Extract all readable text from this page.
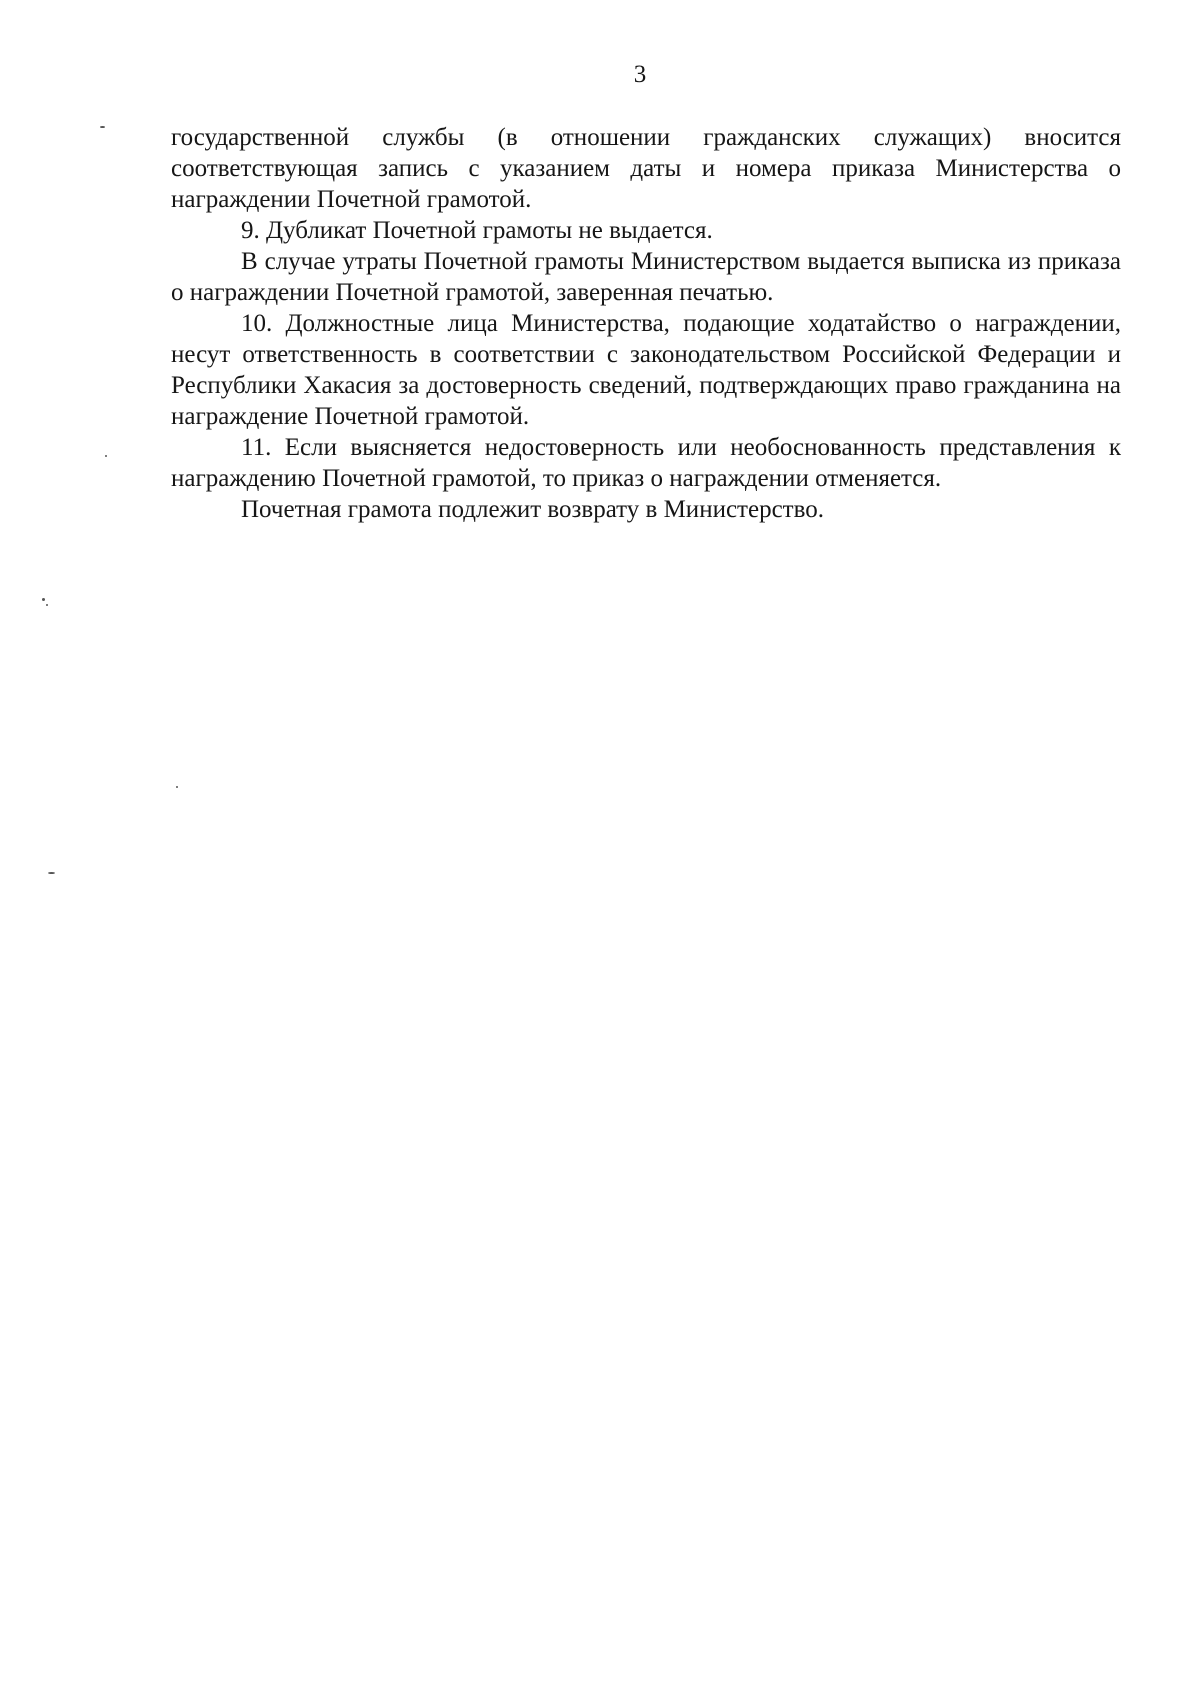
3

государственной службы (в отношении гражданских служащих) вносится соответствующая запись с указанием даты и номера приказа Министерства о награждении Почетной грамотой.

9. Дубликат Почетной грамоты не выдается.

В случае утраты Почетной грамоты Министерством выдается выписка из приказа о награждении Почетной грамотой, заверенная печатью.

10. Должностные лица Министерства, подающие ходатайство о награждении, несут ответственность в соответствии с законодательством Российской Федерации и Республики Хакасия за достоверность сведений, подтверждающих право гражданина на награждение Почетной грамотой.

11. Если выясняется недостоверность или необоснованность представления к награждению Почетной грамотой, то приказ о награждении отменяется.

Почетная грамота подлежит возврату в Министерство.
